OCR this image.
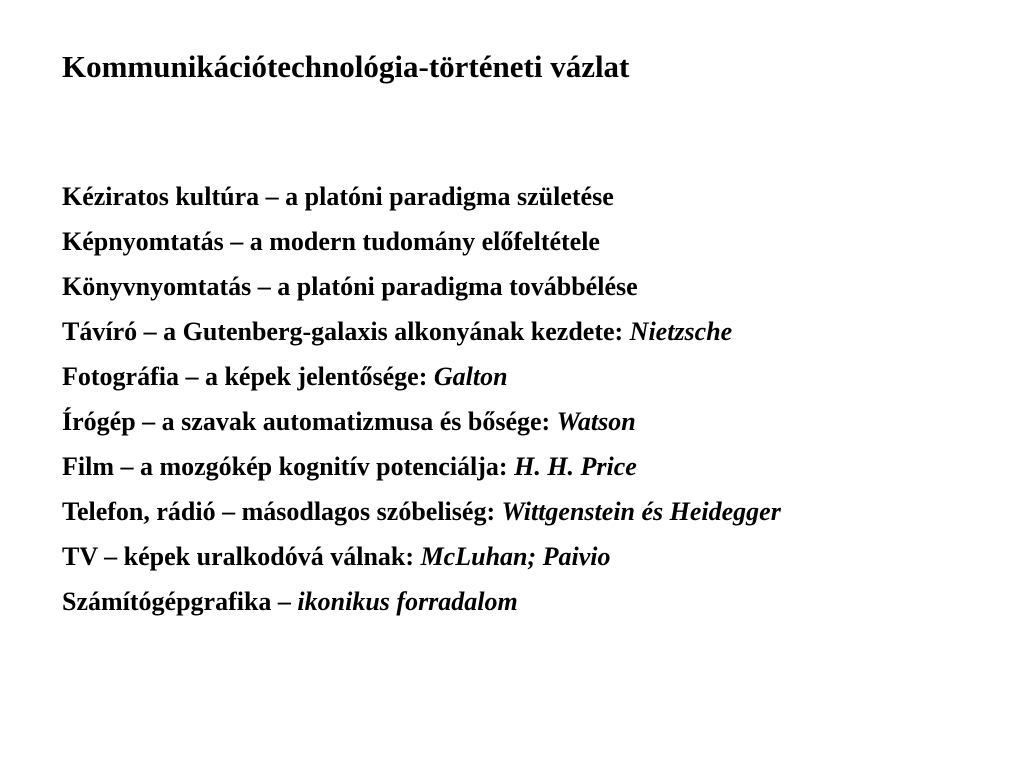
Kommunikációtechnológia-történeti vázlat
Kéziratos kultúra – a platóni paradigma születése
Képnyomtatás – a modern tudomány előfeltétele
Könyvnyomtatás – a platóni paradigma továbbélése
Távíró – a Gutenberg-galaxis alkonyának kezdete: Nietzsche
Fotográfia – a képek jelentősége: Galton
Írógép – a szavak automatizmusa és bősége: Watson
Film – a mozgókép kognitív potenciálja: H. H. Price
Telefon, rádió – másodlagos szóbeliség: Wittgenstein és Heidegger
TV – képek uralkodóvá válnak: McLuhan; Paivio
Számítógépgrafika – ikonikus forradalom
